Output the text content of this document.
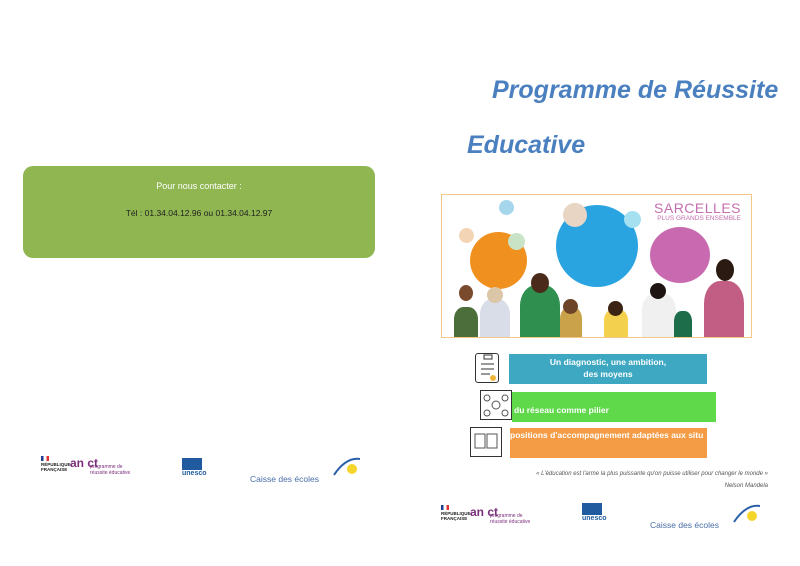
Programme de Réussite
Educative
Pour nous contacter :
Tél : 01.34.04.12.96 ou 01.34.04.12.97	SARCELLES
PLUS GRANDS ENSEMBLE
Un diagnostic, une ambition,
des moyens
du réseau comme pilier
positions d'accompagnement adaptées aux situ
« L'éducation est l'arme la plus puissante qu'on puisse utiliser pour changer le monde »
Nelson Mandela
RÉPUBLIQUE
FRANÇAISE an ct
programme de
réussite éducative	unesco
Caisse des écoles
RÉPUBLIQUE
FRANÇAISE an ct
programme de
réussite éducative	unesco
Caisse des écoles
